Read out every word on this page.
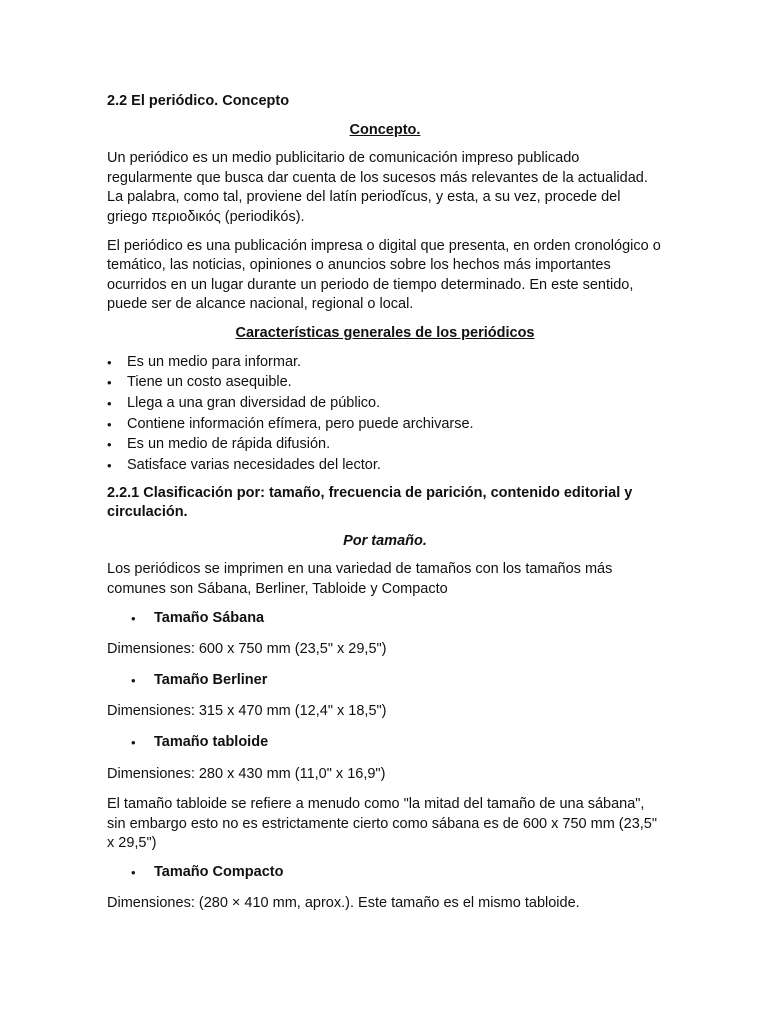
2.2 El periódico. Concepto
Concepto.

Un periódico es un medio publicitario de comunicación impreso publicado regularmente que busca dar cuenta de los sucesos más relevantes de la actualidad. La palabra, como tal, proviene del latín periodĭcus, y esta, a su vez, procede del griego περιοδικός (periodikós).

El periódico es una publicación impresa o digital que presenta, en orden cronológico o temático, las noticias, opiniones o anuncios sobre los hechos más importantes ocurridos en un lugar durante un periodo de tiempo determinado. En este sentido, puede ser de alcance nacional, regional o local.

Características generales de los periódicos
• Es un medio para informar.
• Tiene un costo asequible.
• Llega a una gran diversidad de público.
• Contiene información efímera, pero puede archivarse.
• Es un medio de rápida difusión.
• Satisface varias necesidades del lector.
2.2.1 Clasificación por: tamaño, frecuencia de parición, contenido editorial y circulación.
Por tamaño.

Los periódicos se imprimen en una variedad de tamaños con los tamaños más comunes son Sábana, Berliner, Tabloide y Compacto

• Tamaño Sábana

Dimensiones: 600 x 750 mm (23,5" x 29,5")

• Tamaño Berliner

Dimensiones: 315 x 470 mm (12,4" x 18,5")

• Tamaño tabloide

Dimensiones: 280 x 430 mm (11,0" x 16,9")

El tamaño tabloide se refiere a menudo como "la mitad del tamaño de una sábana", sin embargo esto no es estrictamente cierto como sábana es de 600 x 750 mm (23,5" x 29,5")

• Tamaño Compacto

Dimensiones: (280 × 410 mm, aprox.). Este tamaño es el mismo tabloide.
